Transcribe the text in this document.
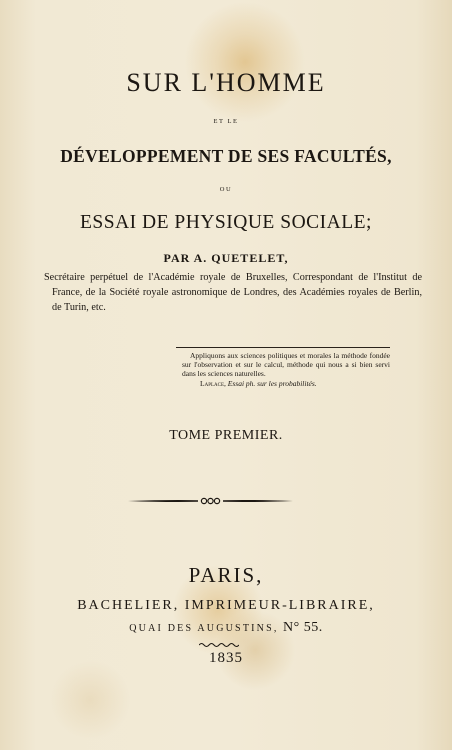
SUR L'HOMME
ET LE
DÉVELOPPEMENT DE SES FACULTÉS,
OU
ESSAI DE PHYSIQUE SOCIALE;
PAR A. QUETELET,
Secrétaire perpétuel de l'Académie royale de Bruxelles, Correspondant de l'Institut de France, de la Société royale astronomique de Londres, des Académies royales de Berlin, de Turin, etc.
Appliquons aux sciences politiques et morales la méthode fondée sur l'observation et sur le calcul, méthode qui nous a si bien servi dans les sciences naturelles.
Laplace, Essai ph. sur les probabilités.
TOME PREMIER.
PARIS,
BACHELIER, IMPRIMEUR-LIBRAIRE,
QUAI DES AUGUSTINS, N° 55.
1835
